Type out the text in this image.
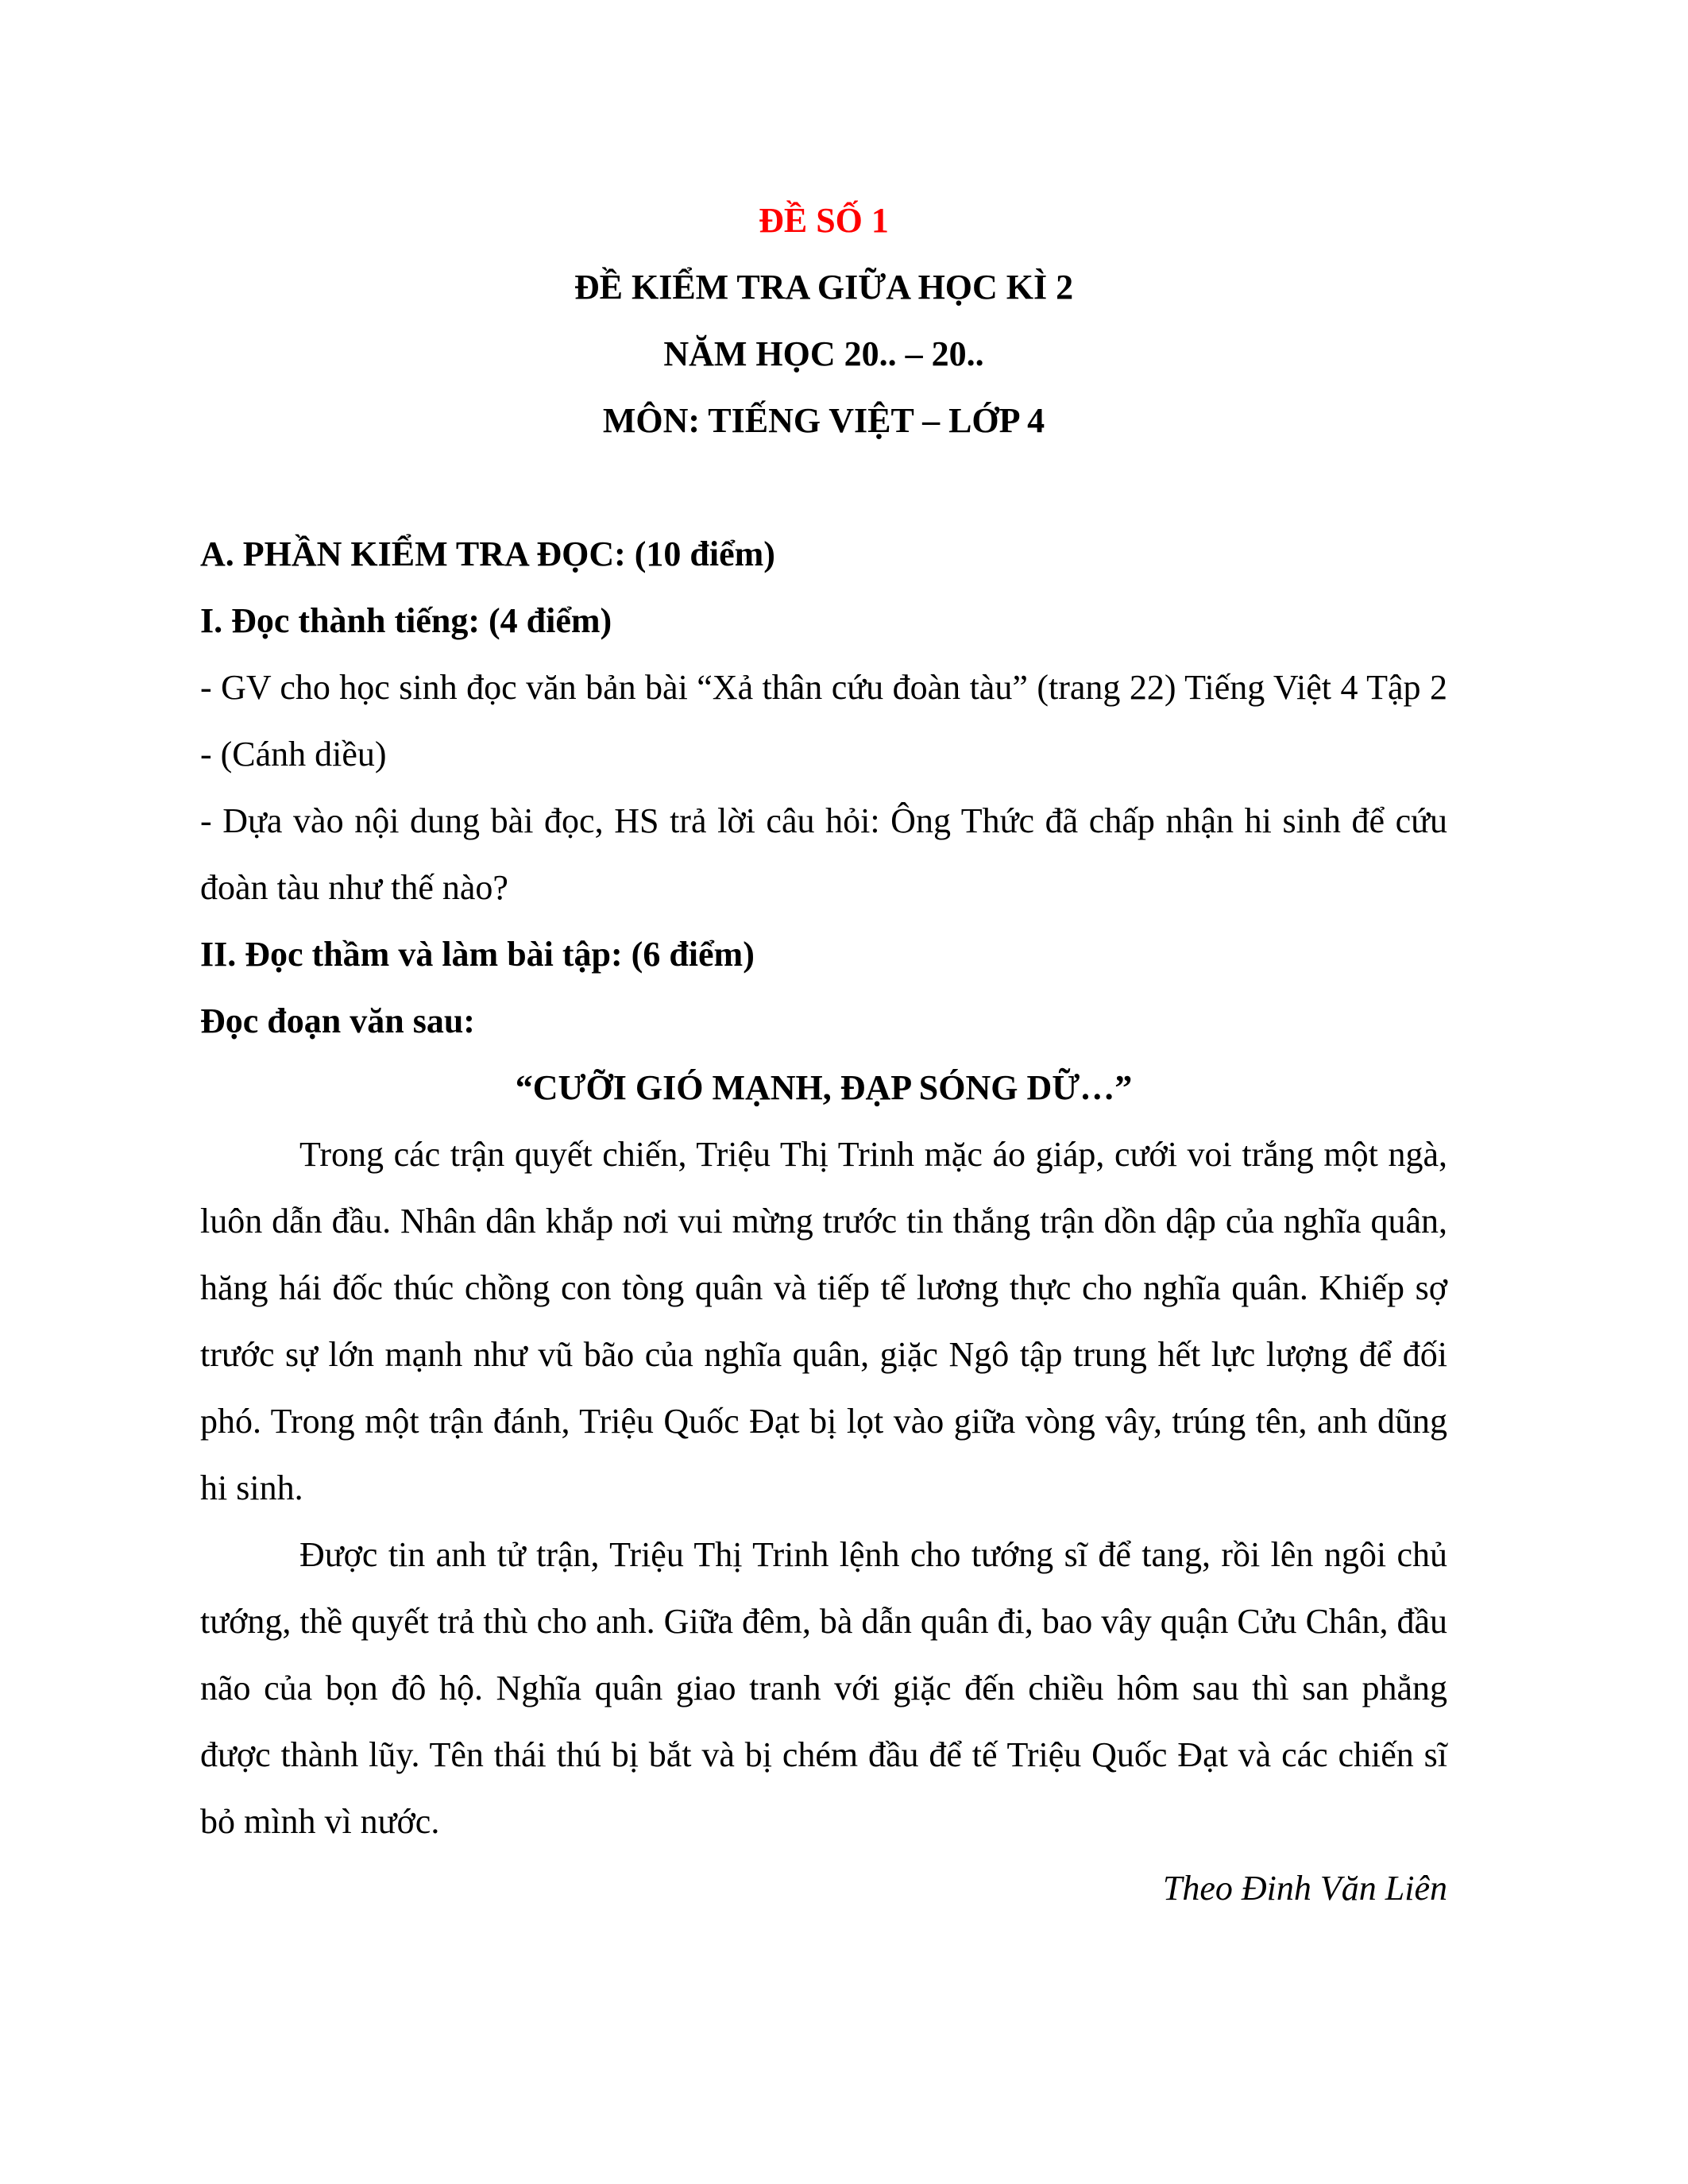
ĐỀ SỐ 1

ĐỀ KIỂM TRA GIỮA HỌC KÌ 2

NĂM HỌC 20.. – 20..

MÔN: TIẾNG VIỆT – LỚP 4

A. PHẦN KIỂM TRA ĐỌC: (10 điểm)

I. Đọc thành tiếng: (4 điểm)

- GV cho học sinh đọc văn bản bài “Xả thân cứu đoàn tàu” (trang 22) Tiếng Việt 4 Tập 2 - (Cánh diều)

- Dựa vào nội dung bài đọc, HS trả lời câu hỏi: Ông Thức đã chấp nhận hi sinh để cứu đoàn tàu như thế nào?

II. Đọc thầm và làm bài tập: (6 điểm)

Đọc đoạn văn sau:

“CƯỠI GIÓ MẠNH, ĐẠP SÓNG DỮ…”

Trong các trận quyết chiến, Triệu Thị Trinh mặc áo giáp, cưới voi trắng một ngà, luôn dẫn đầu. Nhân dân khắp nơi vui mừng trước tin thắng trận dồn dập của nghĩa quân, hăng hái đốc thúc chồng con tòng quân và tiếp tế lương thực cho nghĩa quân. Khiếp sợ trước sự lớn mạnh như vũ bão của nghĩa quân, giặc Ngô tập trung hết lực lượng để đối phó. Trong một trận đánh, Triệu Quốc Đạt bị lọt vào giữa vòng vây, trúng tên, anh dũng hi sinh.

Được tin anh tử trận, Triệu Thị Trinh lệnh cho tướng sĩ để tang, rồi lên ngôi chủ tướng, thề quyết trả thù cho anh. Giữa đêm, bà dẫn quân đi, bao vây quận Cửu Chân, đầu não của bọn đô hộ. Nghĩa quân giao tranh với giặc đến chiều hôm sau thì san phẳng được thành lũy. Tên thái thú bị bắt và bị chém đầu để tế Triệu Quốc Đạt và các chiến sĩ bỏ mình vì nước.

Theo Đinh Văn Liên
